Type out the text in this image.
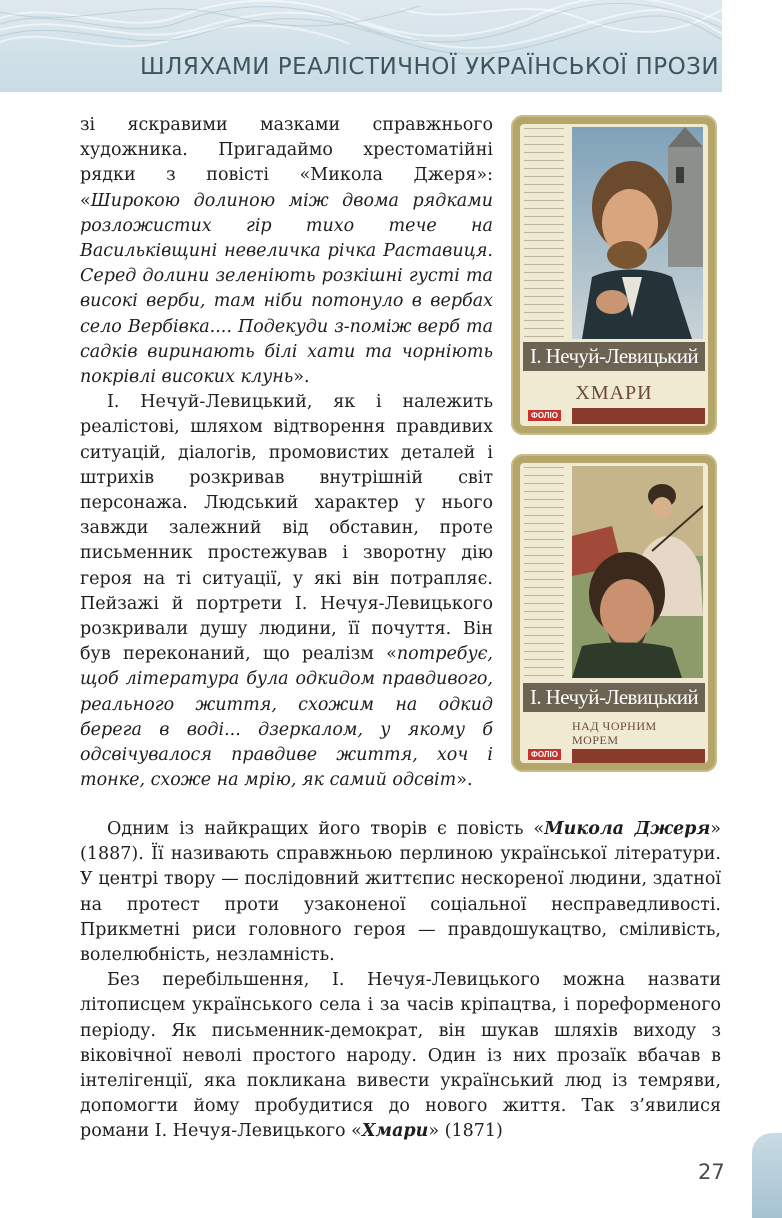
ШЛЯХАМИ РЕАЛІСТИЧНОЇ УКРАЇНСЬКОЇ ПРОЗИ

зі яскравими мазками справжнього художника. Пригадаймо хрестоматійні рядки з повісті «Микола Джеря»: «Широкою долиною між двома рядками розложистих гір тихо тече на Васильківщині невеличка річка Раставиця. Серед долини зеленіють розкішні густі та високі верби, там ніби потонуло в вербах село Вербівка.... Подекуди з-поміж верб та садків виринають білі хати та чорніють покрівлі високих клунь».

І. Нечуй-Левицький, як і належить реалістові, шляхом відтворення правдивих ситуацій, діалогів, промовистих деталей і штрихів розкривав внутрішній світ персонажа. Людський характер у нього завжди залежний від обставин, проте письменник простежував і зворотну дію героя на ті ситуації, у які він потрапляє. Пейзажі й портрети І. Нечуя-Левицького розкривали душу людини, її почуття. Він був переконаний, що реалізм «потребує, щоб література була одкидом правдивого, реального життя, схожим на одкид берега в воді... дзеркалом, у якому б одсвічувалося правдиве життя, хоч і тонке, схоже на мрію, як самий одсвіт».

Одним із найкращих його творів є повість «Микола Джеря» (1887). Її називають справжньою перлиною української літератури. У центрі твору — послідовний життєпис нескореної людини, здатної на протест проти узаконеної соціальної несправедливості. Прикметні риси головного героя — правдошукацтво, сміливість, волелюбність, незламність.

Без перебільшення, І. Нечуя-Левицького можна назвати літописцем українського села і за часів кріпацтва, і пореформеного періоду. Як письменник-демократ, він шукав шляхів виходу з віковічної неволі простого народу. Один із них прозаїк вбачав в інтелігенції, яка покликана вивести український люд із темряви, допомогти йому пробудитися до нового життя. Так з’явилися романи І. Нечуя-Левицького «Хмари» (1871)

І. Нечуй-Левицький
ХМАРИ
ФОЛІО
І. Нечуй-Левицький
НАД ЧОРНИМ
МОРЕМ
ФОЛІО
27
